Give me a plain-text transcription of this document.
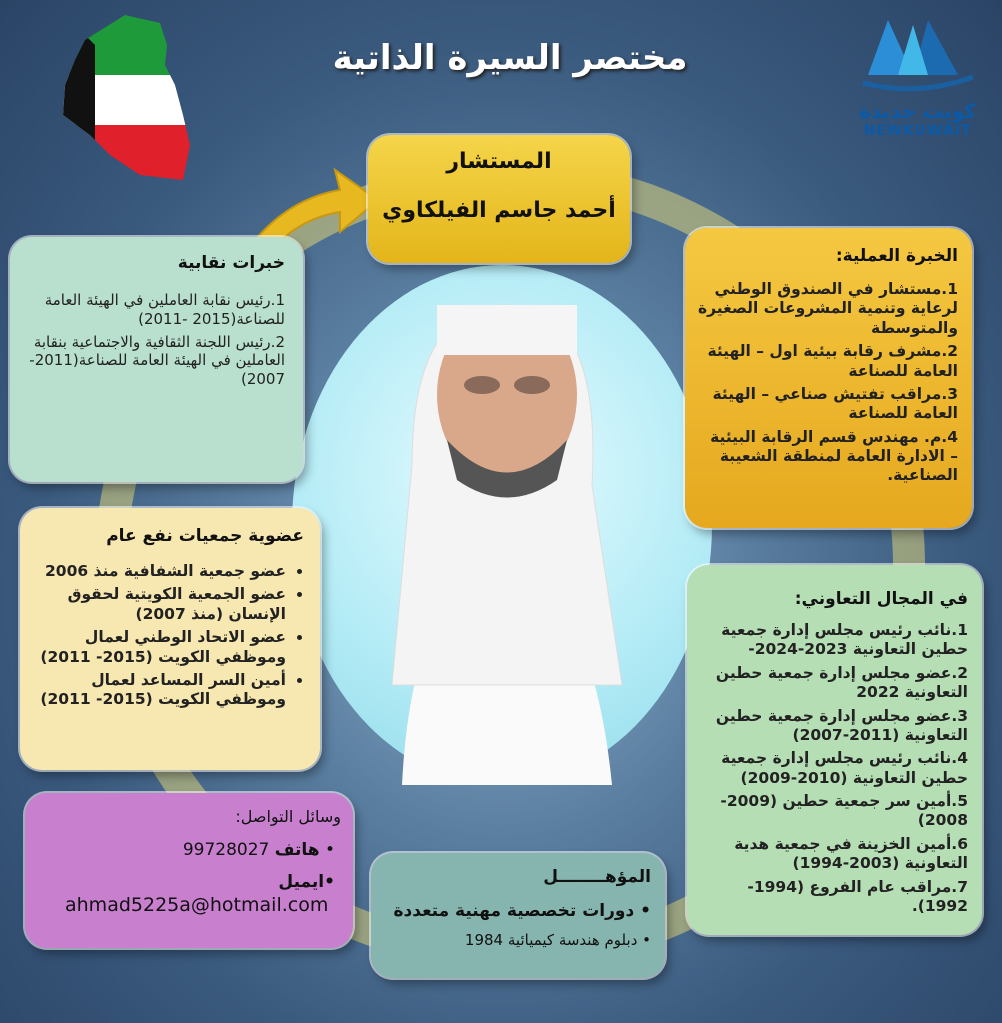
مختصر السيرة الذاتية
كويت جديدة
NEWKUWAIT
المستشار
أحمد جاسم الفيلكاوي
خبرات نقابية
1.رئيس نقابة العاملين في الهيئة العامة للصناعة(2015 -2011)
2.رئيس اللجنة الثقافية والاجتماعية بنقابة العاملين في الهيئة العامة للصناعة(2011-2007)
الخبرة العملية:
1.مستشار في الصندوق الوطني لرعاية وتنمية المشروعات الصغيرة والمتوسطة
2.مشرف رقابة بيئية اول – الهيئة العامة للصناعة
3.مراقب تفتيش صناعي – الهيئة العامة للصناعة
4.م. مهندس قسم الرقابة البيئية – الادارة العامة لمنطقة الشعيبة الصناعية.
عضوية جمعيات نفع عام
• عضو جمعية الشفافية منذ 2006
• عضو الجمعية الكويتية لحقوق الإنسان (منذ 2007)
• عضو الاتحاد الوطني لعمال وموظفي الكويت (2015- 2011)
• أمين السر المساعد لعمال وموظفي الكويت (2015- 2011)
في المجال التعاوني:
1.نائب رئيس مجلس إدارة جمعية حطين التعاونية 2023-2024-
2.عضو مجلس إدارة جمعية حطين التعاونية 2022
3.عضو مجلس إدارة جمعية حطين التعاونية (2011-2007)
4.نائب رئيس مجلس إدارة جمعية حطين التعاونية (2010-2009)
5.أمين سر جمعية حطين (2009-2008)
6.أمين الخزينة في جمعية هدية التعاونية (2003-1994)
7.مراقب عام الفروع (1994-1992).
وسائل التواصل:
• هاتف 99728027
•ايميل
ahmad5225a@hotmail.com
المؤهــــــــل
• دورات تخصصية مهنية متعددة
• دبلوم هندسة كيميائية 1984
